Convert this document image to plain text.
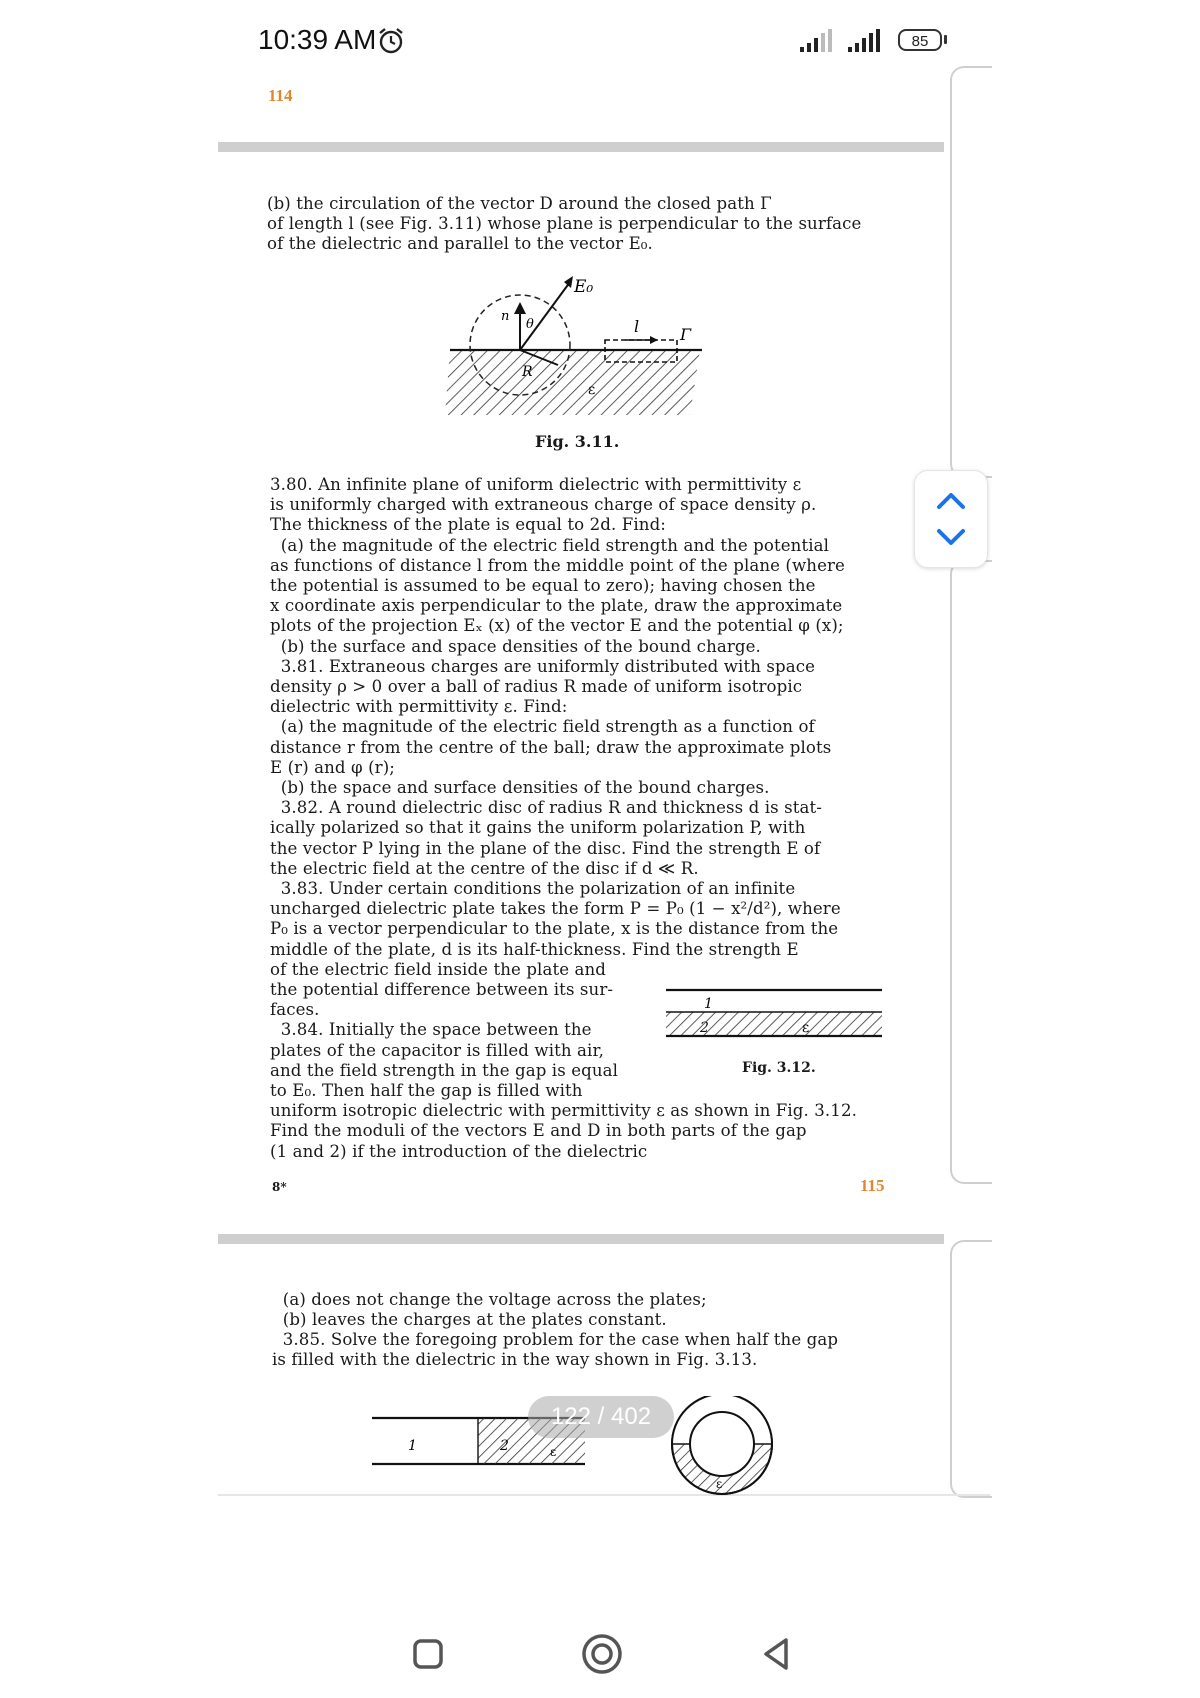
10:39 AM	85
114
(b) the circulation of the vector D around the closed path Γ
of length l (see Fig. 3.11) whose plane is perpendicular to the surface
of the dielectric and parallel to the vector E₀.
E₀
n
θ
R
ε
l	Γ
Fig. 3.11.
3.80. An infinite plane of uniform dielectric with permittivity ε
is uniformly charged with extraneous charge of space density ρ.
The thickness of the plate is equal to 2d. Find:
(a) the magnitude of the electric field strength and the potential
as functions of distance l from the middle point of the plane (where
the potential is assumed to be equal to zero); having chosen the
x coordinate axis perpendicular to the plate, draw the approximate
plots of the projection Eₓ (x) of the vector E and the potential φ (x);
(b) the surface and space densities of the bound charge.
3.81. Extraneous charges are uniformly distributed with space
density ρ > 0 over a ball of radius R made of uniform isotropic
dielectric with permittivity ε. Find:
(a) the magnitude of the electric field strength as a function of
distance r from the centre of the ball; draw the approximate plots
E (r) and φ (r);
(b) the space and surface densities of the bound charges.
3.82. A round dielectric disc of radius R and thickness d is stat-
ically polarized so that it gains the uniform polarization P, with
the vector P lying in the plane of the disc. Find the strength E of
the electric field at the centre of the disc if d ≪ R.
3.83. Under certain conditions the polarization of an infinite
uncharged dielectric plate takes the form P = P₀ (1 − x²/d²), where
P₀ is a vector perpendicular to the plate, x is the distance from the
middle of the plate, d is its half-thickness. Find the strength E
of the electric field inside the plate and
the potential difference between its sur-
faces.
3.84. Initially the space between the
plates of the capacitor is filled with air,
and the field strength in the gap is equal
to E₀. Then half the gap is filled with
uniform isotropic dielectric with permittivity ε as shown in Fig. 3.12.
Find the moduli of the vectors E and D in both parts of the gap
(1 and 2) if the introduction of the dielectric
1
2	ε
Fig. 3.12.
8*	115
(a) does not change the voltage across the plates;
(b) leaves the charges at the plates constant.
3.85. Solve the foregoing problem for the case when half the gap
is filled with the dielectric in the way shown in Fig. 3.13.
1	2	ε
ε
122 / 402
